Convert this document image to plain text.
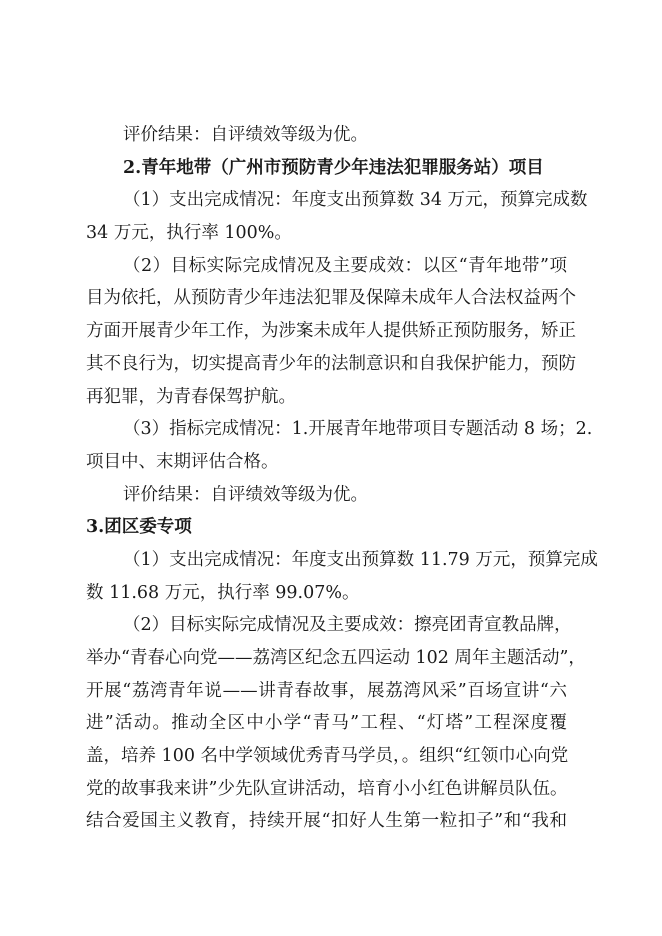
评价结果：自评绩效等级为优。
2.青年地带（广州市预防青少年违法犯罪服务站）项目
（1）支出完成情况：年度支出预算数 34 万元，预算完成数
34 万元，执行率 100%。
（2）目标实际完成情况及主要成效：以区“青年地带”项
目为依托，从预防青少年违法犯罪及保障未成年人合法权益两个
方面开展青少年工作，为涉案未成年人提供矫正预防服务，矫正
其不良行为，切实提高青少年的法制意识和自我保护能力，预防
再犯罪，为青春保驾护航。
（3）指标完成情况：1.开展青年地带项目专题活动 8 场；2.
项目中、末期评估合格。
评价结果：自评绩效等级为优。
3.团区委专项
（1）支出完成情况：年度支出预算数 11.79 万元，预算完成
数 11.68 万元，执行率 99.07%。
（2）目标实际完成情况及主要成效：擦亮团青宣教品牌，
举办“青春心向党——荔湾区纪念五四运动 102 周年主题活动”，
开展“荔湾青年说——讲青春故事，展荔湾风采”百场宣讲“六
进”活动。推动全区中小学“青马”工程、“灯塔”工程深度覆
盖，培养 100 名中学领域优秀青马学员，。组织“红领巾心向党
党的故事我来讲”少先队宣讲活动，培育小小红色讲解员队伍。
结合爱国主义教育，持续开展“扣好人生第一粒扣子”和“我和
